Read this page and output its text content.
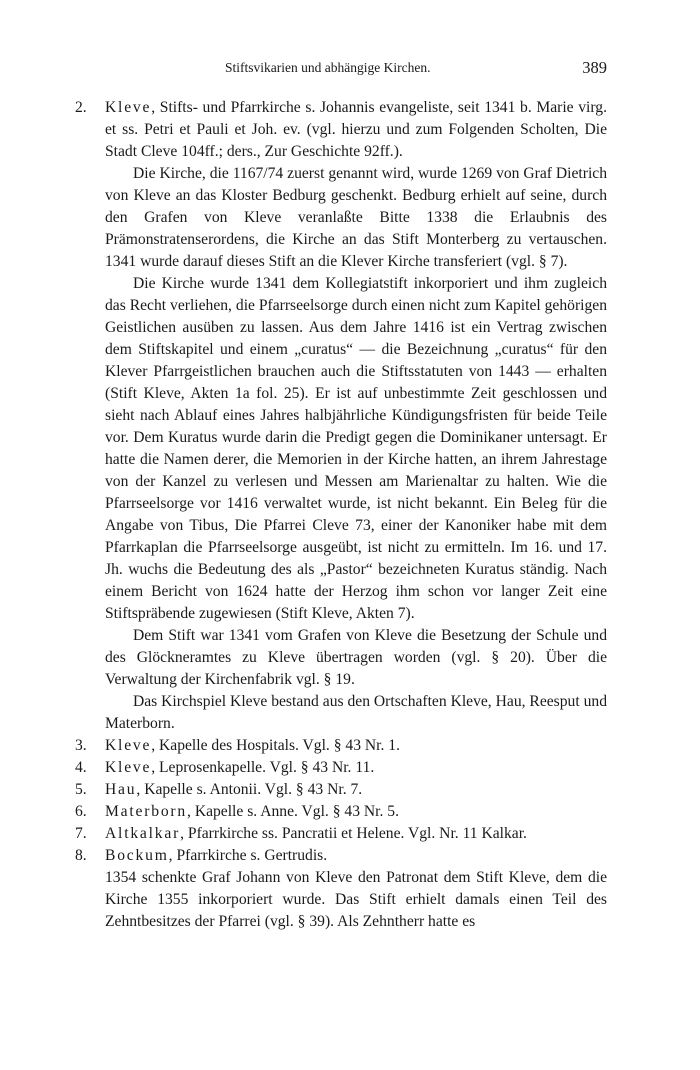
Stiftsvikarien und abhängige Kirchen.	389

2. Kleve, Stifts- und Pfarrkirche s. Johannis evangeliste, seit 1341 b. Marie virg. et ss. Petri et Pauli et Joh. ev. (vgl. hierzu und zum Folgenden Scholten, Die Stadt Cleve 104ff.; ders., Zur Geschichte 92ff.).

Die Kirche, die 1167/74 zuerst genannt wird, wurde 1269 von Graf Dietrich von Kleve an das Kloster Bedburg geschenkt. Bedburg erhielt auf seine, durch den Grafen von Kleve veranlaßte Bitte 1338 die Erlaubnis des Prämonstratenserordens, die Kirche an das Stift Monterberg zu vertauschen. 1341 wurde darauf dieses Stift an die Klever Kirche transferiert (vgl. § 7).

Die Kirche wurde 1341 dem Kollegiatstift inkorporiert und ihm zugleich das Recht verliehen, die Pfarrseelsorge durch einen nicht zum Kapitel gehörigen Geistlichen ausüben zu lassen. Aus dem Jahre 1416 ist ein Vertrag zwischen dem Stiftskapitel und einem „curatus“ — die Bezeichnung „curatus“ für den Klever Pfarrgeistlichen brauchen auch die Stiftsstatuten von 1443 — erhalten (Stift Kleve, Akten 1a fol. 25). Er ist auf unbestimmte Zeit geschlossen und sieht nach Ablauf eines Jahres halbjährliche Kündigungsfristen für beide Teile vor. Dem Kuratus wurde darin die Predigt gegen die Dominikaner untersagt. Er hatte die Namen derer, die Memorien in der Kirche hatten, an ihrem Jahrestage von der Kanzel zu verlesen und Messen am Marienaltar zu halten. Wie die Pfarrseelsorge vor 1416 verwaltet wurde, ist nicht bekannt. Ein Beleg für die Angabe von Tibus, Die Pfarrei Cleve 73, einer der Kanoniker habe mit dem Pfarrkaplan die Pfarrseelsorge ausgeübt, ist nicht zu ermitteln. Im 16. und 17. Jh. wuchs die Bedeutung des als „Pastor“ bezeichneten Kuratus ständig. Nach einem Bericht von 1624 hatte der Herzog ihm schon vor langer Zeit eine Stiftspräbende zugewiesen (Stift Kleve, Akten 7).

Dem Stift war 1341 vom Grafen von Kleve die Besetzung der Schule und des Glöckneramtes zu Kleve übertragen worden (vgl. § 20). Über die Verwaltung der Kirchenfabrik vgl. § 19.

Das Kirchspiel Kleve bestand aus den Ortschaften Kleve, Hau, Reesput und Materborn.

3. Kleve, Kapelle des Hospitals. Vgl. § 43 Nr. 1.

4. Kleve, Leprosenkapelle. Vgl. § 43 Nr. 11.

5. Hau, Kapelle s. Antonii. Vgl. § 43 Nr. 7.

6. Materborn, Kapelle s. Anne. Vgl. § 43 Nr. 5.

7. Altkalkar, Pfarrkirche ss. Pancratii et Helene. Vgl. Nr. 11 Kalkar.

8. Bockum, Pfarrkirche s. Gertrudis.

1354 schenkte Graf Johann von Kleve den Patronat dem Stift Kleve, dem die Kirche 1355 inkorporiert wurde. Das Stift erhielt damals einen Teil des Zehntbesitzes der Pfarrei (vgl. § 39). Als Zehntherr hatte es
